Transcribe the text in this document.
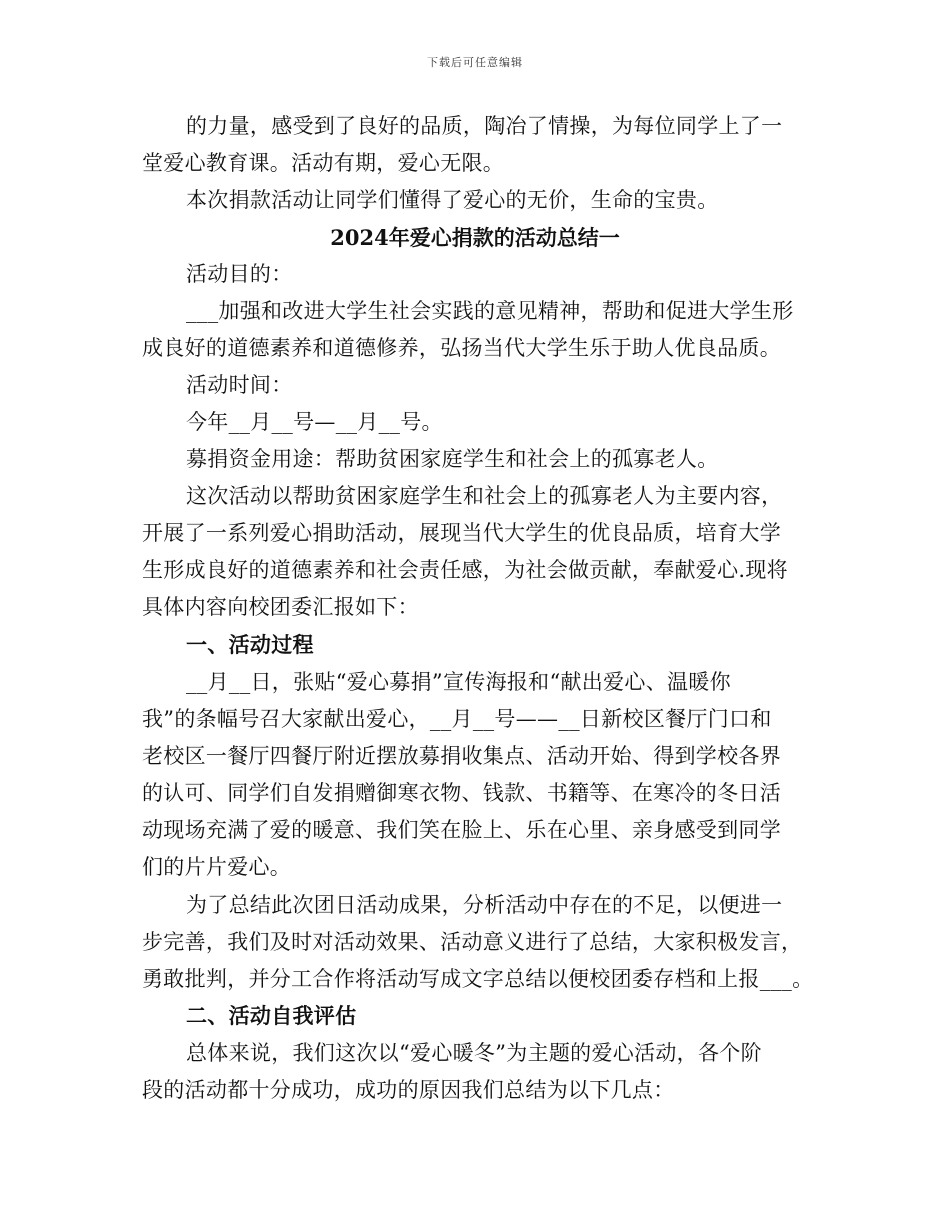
下载后可任意编辑
的力量，感受到了良好的品质，陶冶了情操，为每位同学上了一
堂爱心教育课。活动有期，爱心无限。
本次捐款活动让同学们懂得了爱心的无价，生命的宝贵。
2024年爱心捐款的活动总结一
活动目的：
___加强和改进大学生社会实践的意见精神，帮助和促进大学生形
成良好的道德素养和道德修养，弘扬当代大学生乐于助人优良品质。
活动时间：
今年__月__号—__月__号。
募捐资金用途：帮助贫困家庭学生和社会上的孤寡老人。
这次活动以帮助贫困家庭学生和社会上的孤寡老人为主要内容，
开展了一系列爱心捐助活动，展现当代大学生的优良品质，培育大学
生形成良好的道德素养和社会责任感，为社会做贡献，奉献爱心.现将
具体内容向校团委汇报如下：
一、活动过程
__月__日，张贴“爱心募捐”宣传海报和“献出爱心、温暖你
我”的条幅号召大家献出爱心，__月__号——__日新校区餐厅门口和
老校区一餐厅四餐厅附近摆放募捐收集点、活动开始、得到学校各界
的认可、同学们自发捐赠御寒衣物、钱款、书籍等、在寒冷的冬日活
动现场充满了爱的暖意、我们笑在脸上、乐在心里、亲身感受到同学
们的片片爱心。
为了总结此次团日活动成果，分析活动中存在的不足，以便进一
步完善，我们及时对活动效果、活动意义进行了总结，大家积极发言，
勇敢批判，并分工合作将活动写成文字总结以便校团委存档和上报___。
二、活动自我评估
总体来说，我们这次以“爱心暖冬”为主题的爱心活动，各个阶
段的活动都十分成功，成功的原因我们总结为以下几点：
